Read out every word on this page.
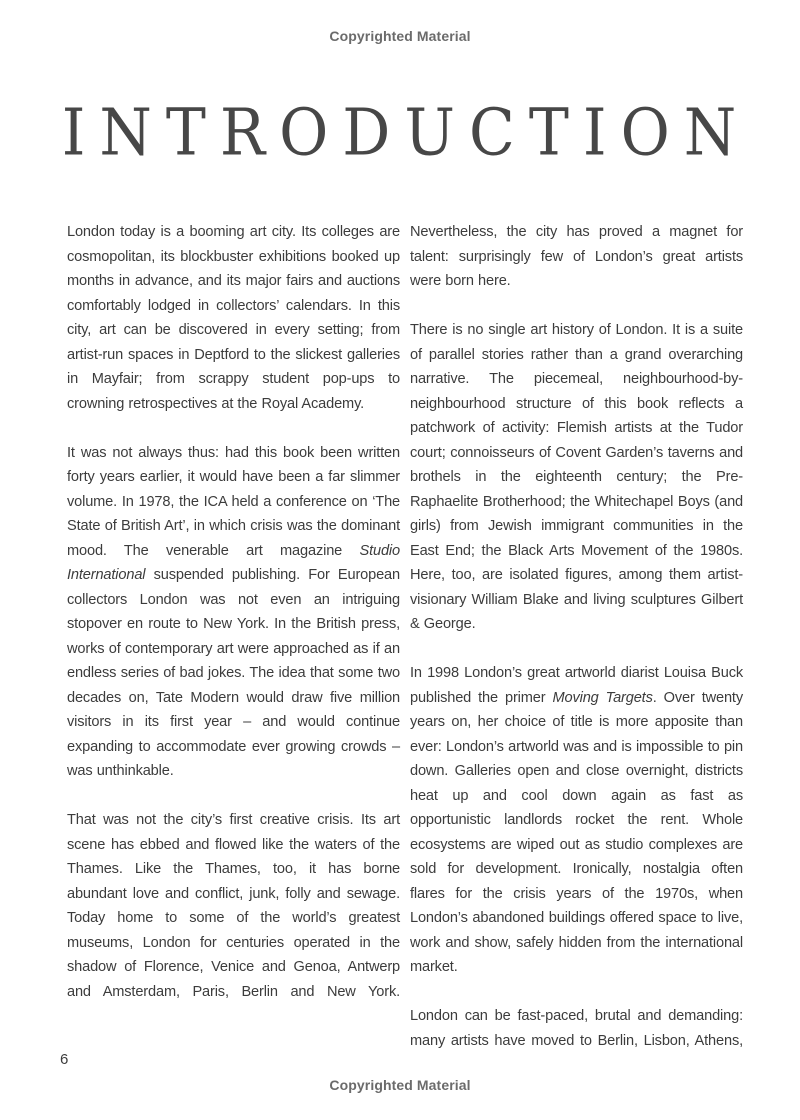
Copyrighted Material
INTRODUCTION

London today is a booming art city. Its colleges are cosmopolitan, its blockbuster exhibitions booked up months in advance, and its major fairs and auctions comfortably lodged in collectors’ calendars. In this city, art can be discovered in every setting; from artist-run spaces in Deptford to the slickest galleries in Mayfair; from scrappy student pop-ups to crowning retrospectives at the Royal Academy.

It was not always thus: had this book been written forty years earlier, it would have been a far slimmer volume. In 1978, the ICA held a conference on ‘The State of British Art’, in which crisis was the dominant mood. The venerable art magazine Studio International suspended publishing. For European collectors London was not even an intriguing stopover en route to New York. In the British press, works of contemporary art were approached as if an endless series of bad jokes. The idea that some two decades on, Tate Modern would draw five million visitors in its first year – and would continue expanding to accommodate ever growing crowds – was unthinkable.

That was not the city’s first creative crisis. Its art scene has ebbed and flowed like the waters of the Thames. Like the Thames, too, it has borne abundant love and conflict, junk, folly and sewage. Today home to some of the world’s greatest museums, London for centuries operated in the shadow of Florence, Venice and Genoa, Antwerp and Amsterdam, Paris, Berlin and New York.

Nevertheless, the city has proved a magnet for talent: surprisingly few of London’s great artists were born here.

There is no single art history of London. It is a suite of parallel stories rather than a grand overarching narrative. The piecemeal, neighbourhood-by-neighbourhood structure of this book reflects a patchwork of activity: Flemish artists at the Tudor court; connoisseurs of Covent Garden’s taverns and brothels in the eighteenth century; the Pre-Raphaelite Brotherhood; the Whitechapel Boys (and girls) from Jewish immigrant communities in the East End; the Black Arts Movement of the 1980s. Here, too, are isolated figures, among them artist-visionary William Blake and living sculptures Gilbert & George.

In 1998 London’s great artworld diarist Louisa Buck published the primer Moving Targets. Over twenty years on, her choice of title is more apposite than ever: London’s artworld was and is impossible to pin down. Galleries open and close overnight, districts heat up and cool down again as fast as opportunistic landlords rocket the rent. Whole ecosystems are wiped out as studio complexes are sold for development. Ironically, nostalgia often flares for the crisis years of the 1970s, when London’s abandoned buildings offered space to live, work and show, safely hidden from the international market.

London can be fast-paced, brutal and demanding: many artists have moved to Berlin, Lisbon, Athens,

6
Copyrighted Material
